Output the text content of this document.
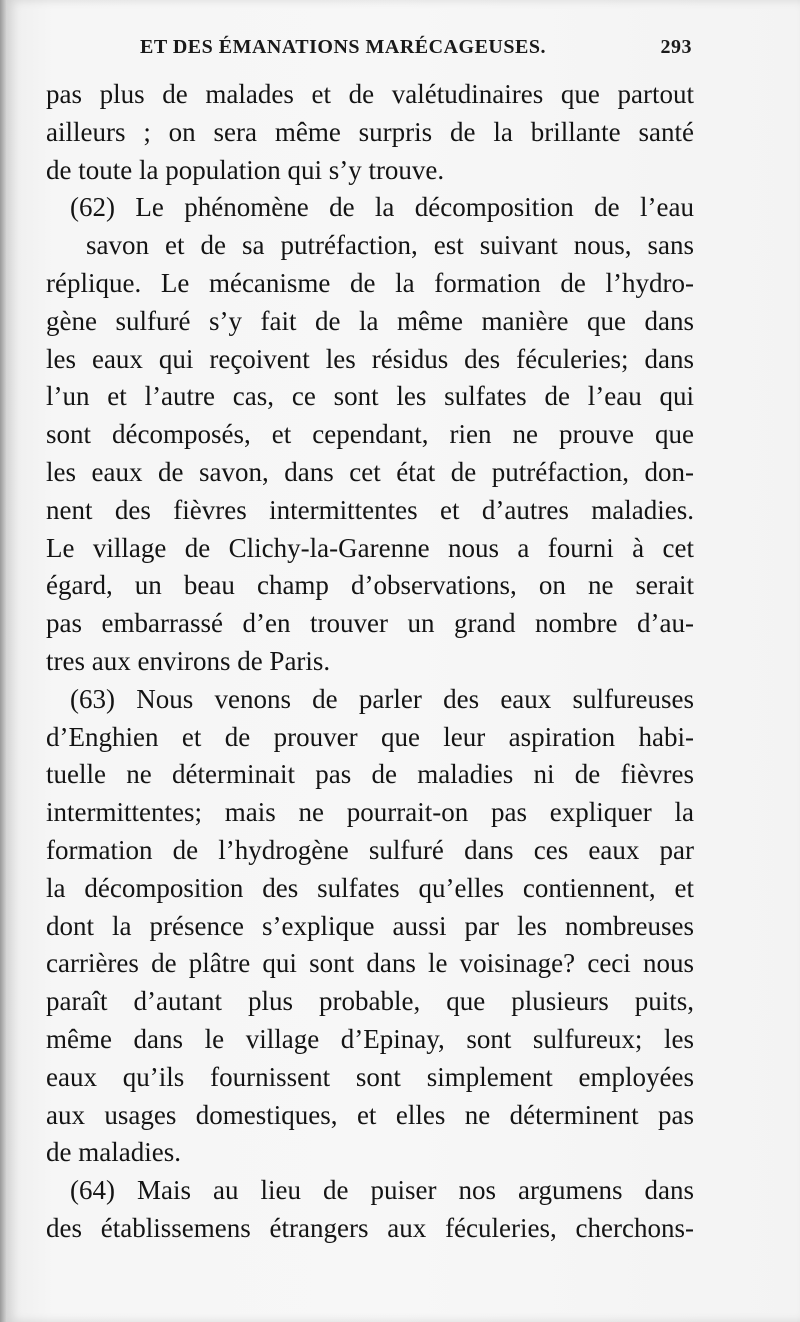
ET DES ÉMANATIONS MARÉCAGEUSES.	293
pas plus de malades et de valétudinaires que partout
ailleurs ; on sera même surpris de la brillante santé
de toute la population qui s’y trouve.
(62) Le phénomène de la décomposition de l’eau
savon et de sa putréfaction, est suivant nous, sans
réplique. Le mécanisme de la formation de l’hydro-
gène sulfuré s’y fait de la même manière que dans
les eaux qui reçoivent les résidus des féculeries; dans
l’un et l’autre cas, ce sont les sulfates de l’eau qui
sont décomposés, et cependant, rien ne prouve que
les eaux de savon, dans cet état de putréfaction, don-
nent des fièvres intermittentes et d’autres maladies.
Le village de Clichy-la-Garenne nous a fourni à cet
égard, un beau champ d’observations, on ne serait
pas embarrassé d’en trouver un grand nombre d’au-
tres aux environs de Paris.
(63) Nous venons de parler des eaux sulfureuses
d’Enghien et de prouver que leur aspiration habi-
tuelle ne déterminait pas de maladies ni de fièvres
intermittentes; mais ne pourrait-on pas expliquer la
formation de l’hydrogène sulfuré dans ces eaux par
la décomposition des sulfates qu’elles contiennent, et
dont la présence s’explique aussi par les nombreuses
carrières de plâtre qui sont dans le voisinage? ceci nous
paraît d’autant plus probable, que plusieurs puits,
même dans le village d’Epinay, sont sulfureux; les
eaux qu’ils fournissent sont simplement employées
aux usages domestiques, et elles ne déterminent pas
de maladies.
(64) Mais au lieu de puiser nos argumens dans
des établissemens étrangers aux féculeries, cherchons-
